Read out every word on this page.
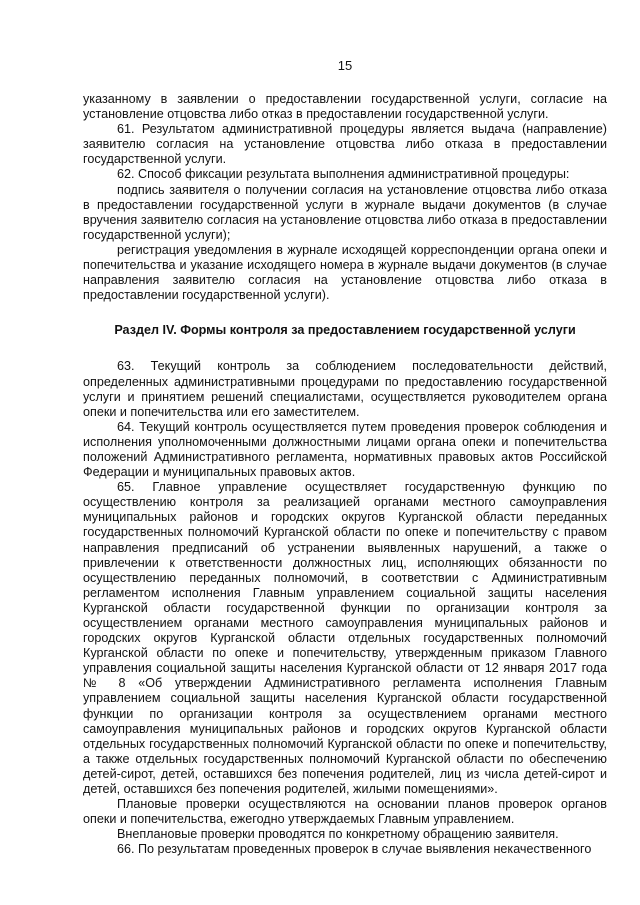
15

указанному в заявлении о предоставлении государственной услуги, согласие на установление отцовства либо отказ в предоставлении государственной услуги.

61. Результатом административной процедуры является выдача (направление) заявителю согласия на установление отцовства либо отказа в предоставлении государственной услуги.

62. Способ фиксации результата выполнения административной процедуры:

подпись заявителя о получении согласия на установление отцовства либо отказа в предоставлении государственной услуги в журнале выдачи документов (в случае вручения заявителю согласия на установление отцовства либо отказа в предоставлении государственной услуги);

регистрация уведомления в журнале исходящей корреспонденции органа опеки и попечительства и указание исходящего номера в журнале выдачи документов (в случае направления заявителю согласия на установление отцовства либо отказа в предоставлении государственной услуги).

Раздел IV. Формы контроля за предоставлением государственной услуги

63. Текущий контроль за соблюдением последовательности действий, определенных административными процедурами по предоставлению государственной услуги и принятием решений специалистами, осуществляется руководителем органа опеки и попечительства или его заместителем.

64. Текущий контроль осуществляется путем проведения проверок соблюдения и исполнения уполномоченными должностными лицами органа опеки и попечительства положений Административного регламента, нормативных правовых актов Российской Федерации и муниципальных правовых актов.

65. Главное управление осуществляет государственную функцию по осуществлению контроля за реализацией органами местного самоуправления муниципальных районов и городских округов Курганской области переданных государственных полномочий Курганской области по опеке и попечительству с правом направления предписаний об устранении выявленных нарушений, а также о привлечении к ответственности должностных лиц, исполняющих обязанности по осуществлению переданных полномочий, в соответствии с Административным регламентом исполнения Главным управлением социальной защиты населения Курганской области государственной функции по организации контроля за осуществлением органами местного самоуправления муниципальных районов и городских округов Курганской области отдельных государственных полномочий Курганской области по опеке и попечительству, утвержденным приказом Главного управления социальной защиты населения Курганской области от 12 января 2017 года № 8 «Об утверждении Административного регламента исполнения Главным управлением социальной защиты населения Курганской области государственной функции по организации контроля за осуществлением органами местного самоуправления муниципальных районов и городских округов Курганской области отдельных государственных полномочий Курганской области по опеке и попечительству, а также отдельных государственных полномочий Курганской области по обеспечению детей-сирот, детей, оставшихся без попечения родителей, лиц из числа детей-сирот и детей, оставшихся без попечения родителей, жилыми помещениями».

Плановые проверки осуществляются на основании планов проверок органов опеки и попечительства, ежегодно утверждаемых Главным управлением.

Внеплановые проверки проводятся по конкретному обращению заявителя.

66. По результатам проведенных проверок в случае выявления некачественного
